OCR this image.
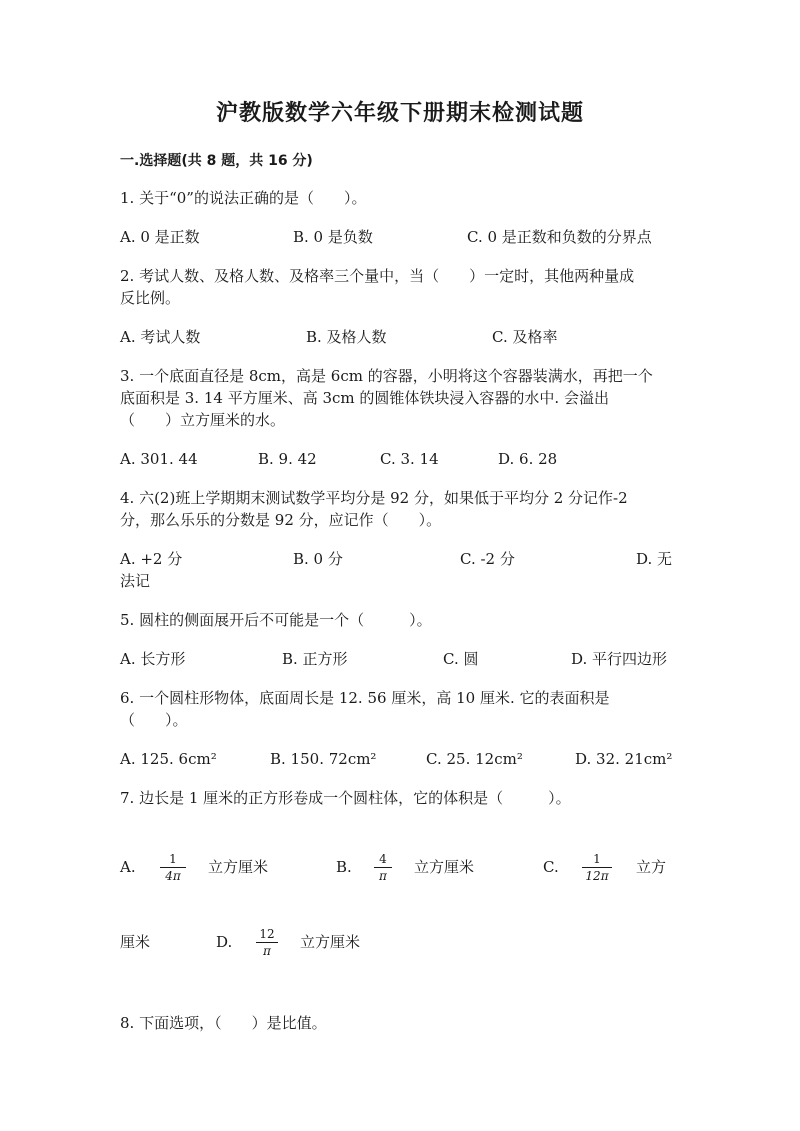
沪教版数学六年级下册期末检测试题
一.选择题(共 8 题，共 16 分)
1. 关于“0”的说法正确的是（　　）。
A. 0 是正数	B. 0 是负数	C. 0 是正数和负数的分界点
2. 考试人数、及格人数、及格率三个量中，当（　　）一定时，其他两种量成
反比例。
A. 考试人数	B. 及格人数	C. 及格率
3. 一个底面直径是 8cm，高是 6cm 的容器，小明将这个容器装满水，再把一个
底面积是 3. 14 平方厘米、高 3cm 的圆锥体铁块浸入容器的水中. 会溢出
（　　）立方厘米的水。
A. 301. 44	B. 9. 42	C. 3. 14	D. 6. 28
4. 六(2)班上学期期末测试数学平均分是 92 分，如果低于平均分 2 分记作-2
分，那么乐乐的分数是 92 分，应记作（　　）。
A. +2 分	B. 0 分	C. -2 分	D. 无
法记
5. 圆柱的侧面展开后不可能是一个（　　　）。
A. 长方形	B. 正方形	C. 圆	D. 平行四边形
6. 一个圆柱形物体，底面周长是 12. 56 厘米，高 10 厘米. 它的表面积是
（　　）。
A. 125. 6cm²	B. 150. 72cm²	C. 25. 12cm²	D. 32. 21cm²
7. 边长是 1 厘米的正方形卷成一个圆柱体，它的体积是（　　　）。
A.	1
4π	立方厘米	B.	4
π	立方厘米	C.	1
12π 立方
厘米	D. 12
π	立方厘米
8. 下面选项，（　　）是比值。
